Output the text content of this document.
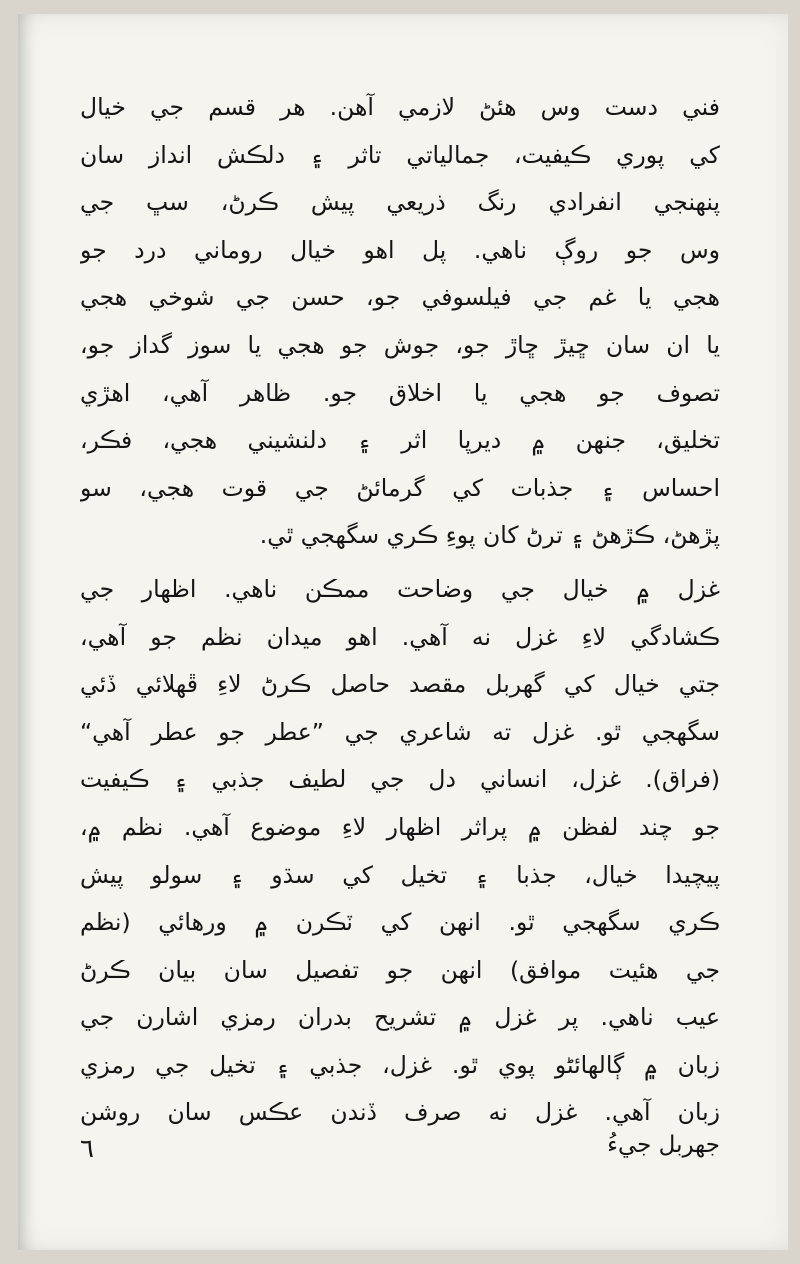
فني دست وس هئڻ لازمي آهن. هر قسم جي خيال
کي پوري ڪيفيت، جمالياتي تاثر ۽ دلڪش انداز سان
پنهنجي انفرادي رنگ ذريعي پيش ڪرڻ، سڀ جي
وس جو روڳ ناهي. پل اهو خيال روماني درد جو
هجي يا غم جي فيلسوفي جو، حسن جي شوخي هجي
يا ان سان ڇيڙ ڇاڙ جو، جوش جو هجي يا سوز گداز جو،
تصوف جو هجي يا اخلاق جو. ظاهر آهي، اهڙي
تخليق، جنهن ۾ ديرپا اثر ۽ دلنشيني هجي، فڪر،
احساس ۽ جذبات کي گرمائڻ جي قوت هجي، سو
پڙهڻ، ڪڙهڻ ۽ ترڻ کان پوءِ ڪري سگهجي ٿي.
غزل ۾ خيال جي وضاحت ممڪن ناهي. اظهار جي
ڪشادگي لاءِ غزل نه آهي. اهو ميدان نظم جو آهي،
جتي خيال کي گهربل مقصد حاصل ڪرڻ لاءِ ڦهلائي ڏئي
سگهجي ٿو. غزل ته شاعري جي ”عطر جو عطر آهي“
(فراق). غزل، انساني دل جي لطيف جذبي ۽ ڪيفيت
جو چند لفظن ۾ پراثر اظهار لاءِ موضوع آهي. نظم ۾،
پيچيدا خيال، جذبا ۽ تخيل کي سڌو ۽ سولو پيش
ڪري سگهجي ٿو. انهن کي ٽڪرن ۾ ورهائي (نظم
جي هئيت موافق) انهن جو تفصيل سان بيان ڪرڻ
عيب ناهي. پر غزل ۾ تشريح بدران رمزي اشارن جي
زبان ۾ ڳالهائڻو پوي ٿو. غزل، جذبي ۽ تخيل جي رمزي
زبان آهي. غزل نه صرف ڏندن عڪس سان روشن
٦	جهربل جيءُ
